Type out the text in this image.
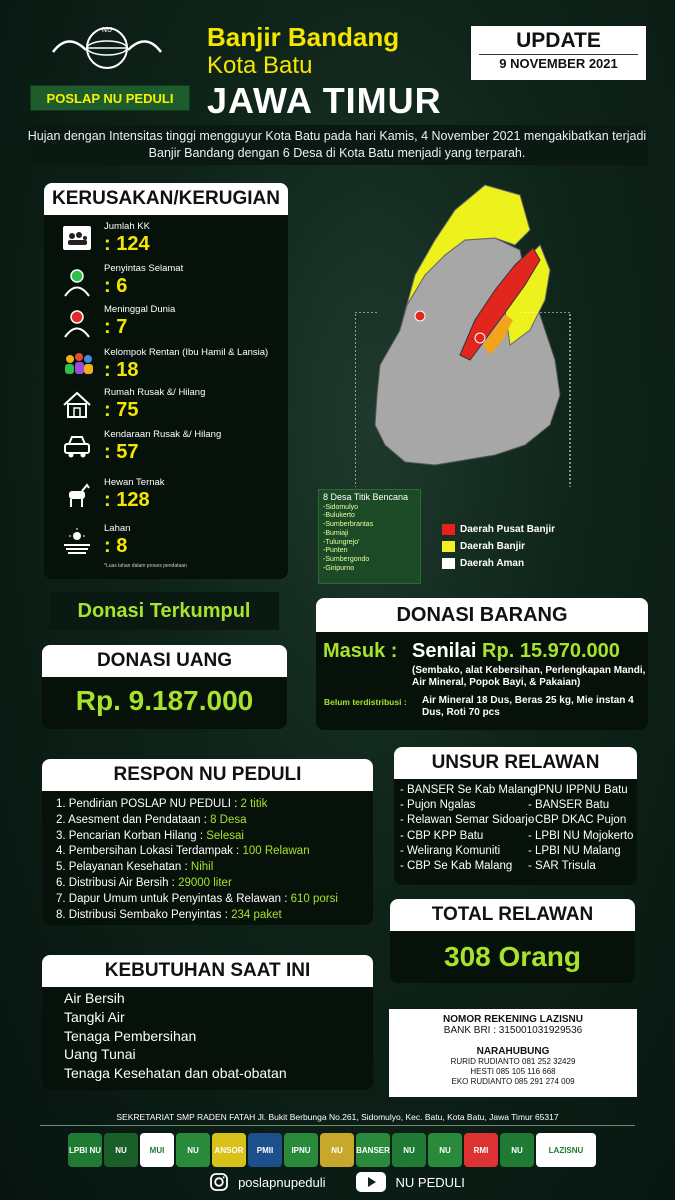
NU
POSLAP NU PEDULI
Banjir Bandang
Kota Batu
JAWA TIMUR
UPDATE
9 NOVEMBER 2021
Hujan dengan Intensitas tinggi mengguyur Kota Batu pada hari Kamis, 4 November 2021 mengakibatkan terjadi Banjir Bandang dengan 6 Desa di Kota Batu menjadi yang terparah.
KERUSAKAN/KERUGIAN
Jumlah KK
: 124
Penyintas Selamat
: 6
Meninggal Dunia
: 7
Kelompok Rentan (Ibu Hamil & Lansia)
: 18
Rumah Rusak &/ Hilang
: 75
Kendaraan Rusak &/ Hilang
: 57
Hewan Ternak
: 128
Lahan
: 8
*Luas lahan dalam proses pendataan
8 Desa Titik Bencana
-Sidomulyo
-Bulukerto
-Sumberbrantas
-Bumiaji
-Tulungrejo'
-Punten
-Sumbergondo
-Giripurno
Daerah Pusat Banjir
Daerah Banjir
Daerah Aman
Donasi Terkumpul
DONASI UANG
Rp. 9.187.000
DONASI BARANG
Masuk : Senilai Rp. 15.970.000
(Sembako, alat Kebersihan, Perlengkapan Mandi, Air Mineral, Popok Bayi, & Pakaian)
Belum terdistribusi : Air Mineral 18 Dus, Beras 25 kg, Mie instan 4 Dus, Roti 70 pcs
RESPON NU PEDULI
1. Pendirian POSLAP NU PEDULI : 2 titik
2. Asesment dan Pendataan : 8 Desa
3. Pencarian Korban Hilang : Selesai
4. Pembersihan Lokasi Terdampak : 100 Relawan
5. Pelayanan Kesehatan : Nihil
6. Distribusi Air Bersih : 29000 liter
7. Dapur Umum untuk Penyintas & Relawan : 610 porsi
8. Distribusi Sembako Penyintas : 234 paket
UNSUR RELAWAN
- BANSER Se Kab Malang
- Pujon Ngalas
- Relawan Semar Sidoarjo
- CBP KPP Batu
- Welirang Komuniti
- CBP Se Kab Malang
- IPNU IPPNU Batu
- BANSER Batu
- CBP DKAC Pujon
- LPBI NU Mojokerto
- LPBI NU Malang
- SAR Trisula
TOTAL RELAWAN
308 Orang
KEBUTUHAN SAAT INI
Air Bersih
Tangki Air
Tenaga Pembersihan
Uang Tunai
Tenaga Kesehatan dan obat-obatan
NOMOR REKENING LAZISNU
BANK BRI : 315001031929536
NARAHUBUNG
RURID RUDIANTO 081 252 32429
HESTI 085 105 116 668
EKO RUDIANTO 085 291 274 009
SEKRETARIAT SMP RADEN FATAH Jl. Bukit Berbunga No.261, Sidomulyo, Kec. Batu, Kota Batu, Jawa Timur 65317
LPBI NU	NU	MUI	NU	ANSOR	PMII	IPNU	NU	BANSER	NU	NU	RMI	NU	LAZISNU
poslapnupeduli	NU PEDULI
